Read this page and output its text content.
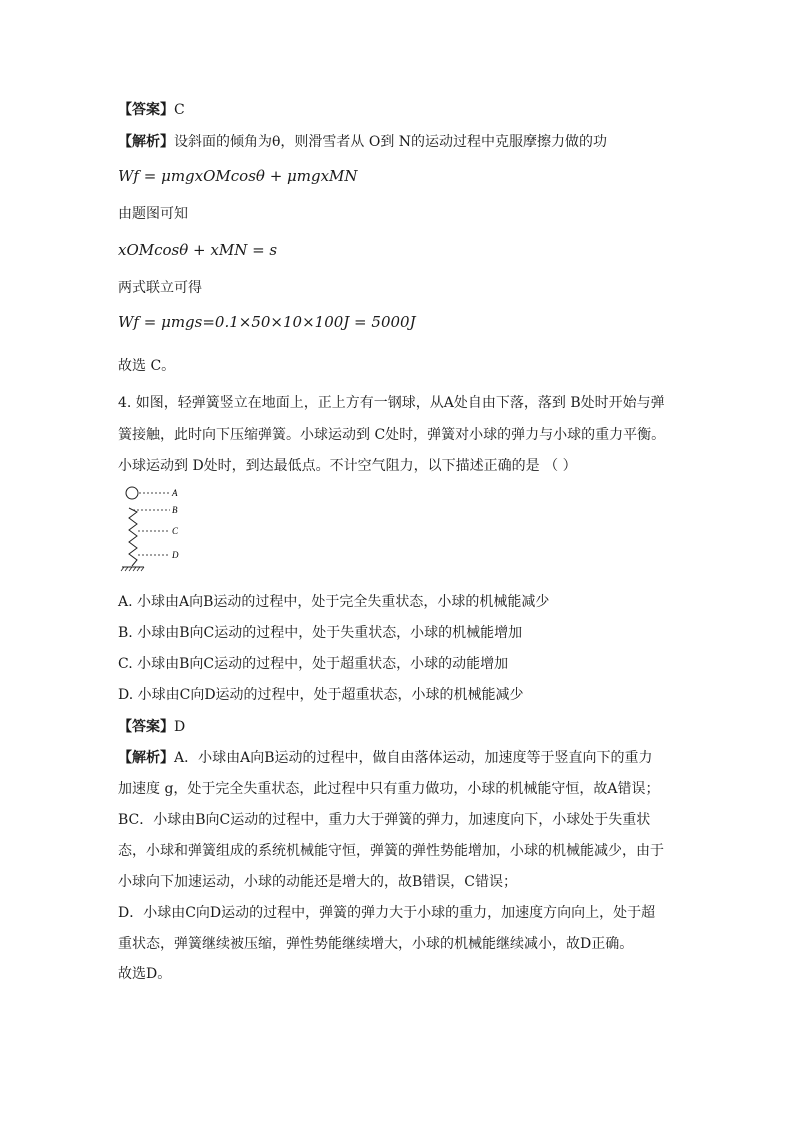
【答案】C
【解析】设斜面的倾角为θ，则滑雪者从 O到 N的运动过程中克服摩擦力做的功
Wf = μmgxOMcosθ + μmgxMN
由题图可知
xOMcosθ + xMN = s
两式联立可得
Wf = μmgs=0.1×50×10×100J = 5000J
故选 C。
4. 如图，轻弹簧竖立在地面上，正上方有一钢球，从A处自由下落，落到 B处时开始与弹
簧接触，此时向下压缩弹簧。小球运动到 C处时，弹簧对小球的弹力与小球的重力平衡。
小球运动到 D处时，到达最低点。不计空气阻力，以下描述正确的是 （ ）
A
B
C
D
A. 小球由A向B运动的过程中，处于完全失重状态，小球的机械能减少
B. 小球由B向C运动的过程中，处于失重状态，小球的机械能增加
C. 小球由B向C运动的过程中，处于超重状态，小球的动能增加
D. 小球由C向D运动的过程中，处于超重状态，小球的机械能减少
【答案】D
【解析】A．小球由A向B运动的过程中，做自由落体运动，加速度等于竖直向下的重力
加速度 g，处于完全失重状态，此过程中只有重力做功，小球的机械能守恒，故A错误；
BC．小球由B向C运动的过程中，重力大于弹簧的弹力，加速度向下，小球处于失重状
态，小球和弹簧组成的系统机械能守恒，弹簧的弹性势能增加，小球的机械能减少，由于
小球向下加速运动，小球的动能还是增大的，故B错误，C错误；
D．小球由C向D运动的过程中，弹簧的弹力大于小球的重力，加速度方向向上，处于超
重状态，弹簧继续被压缩，弹性势能继续增大，小球的机械能继续减小，故D正确。
故选D。
